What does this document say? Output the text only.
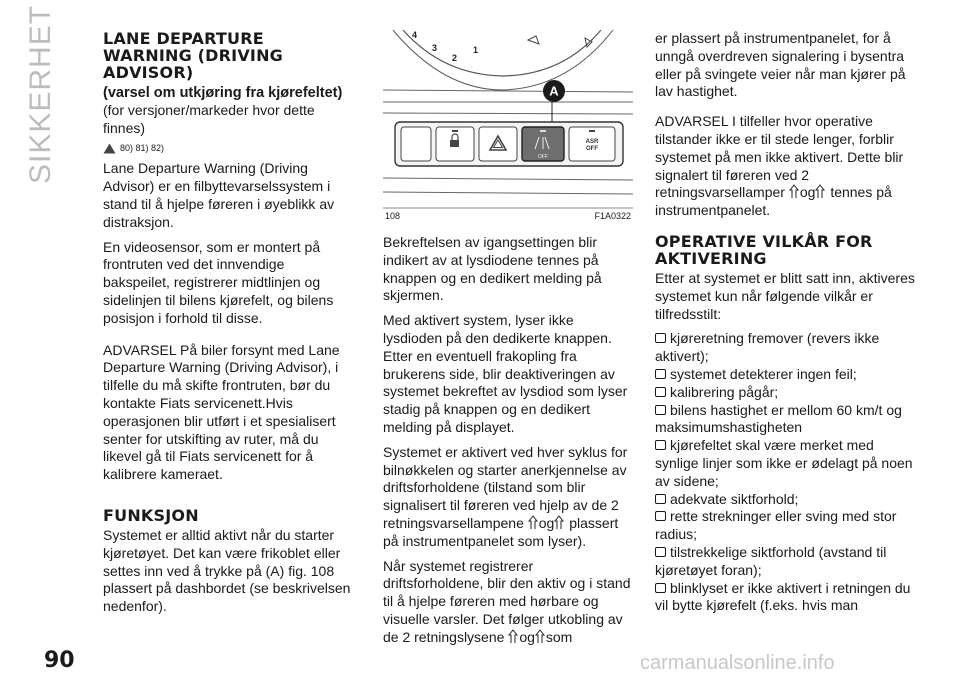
SIKKERHET	LANE DEPARTURE WARNING (DRIVING ADVISOR)
(varsel om utkjøring fra kjørefeltet)

(for versjoner/markeder hvor dette finnes)

80) 81) 82)

Lane Departure Warning (Driving Advisor) er en filbyttevarselssystem i stand til å hjelpe føreren i øyeblikk av distraksjon.

En videosensor, som er montert på frontruten ved det innvendige bakspeilet, registrerer midtlinjen og sidelinjen til bilens kjørefelt, og bilens posisjon i forhold til disse.

ADVARSEL På biler forsynt med Lane Departure Warning (Driving Advisor), i tilfelle du må skifte frontruten, bør du kontakte Fiats servicenett.Hvis operasjonen blir utført i et spesialisert senter for utskifting av ruter, må du likevel gå til Fiats servicenett for å kalibrere kameraet.

FUNKSJON

Systemet er alltid aktivt når du starter kjøretøyet. Det kan være frikoblet eller settes inn ved å trykke på (A) fig. 108 plassert på dashbordet (se beskrivelsen nedenfor).

4
3
2
1
A
OFF
ASR
OFF
108	F1A0322

Bekreftelsen av igangsettingen blir indikert av at lysdiodene tennes på knappen og en dedikert melding på skjermen.

Med aktivert system, lyser ikke lysdioden på den dedikerte knappen. Etter en eventuell frakopling fra brukerens side, blir deaktiveringen av systemet bekreftet av lysdiod som lyser stadig på knappen og en dedikert melding på displayet.

Systemet er aktivert ved hver syklus for bilnøkkelen og starter anerkjennelse av driftsforholdene (tilstand som blir signalisert til føreren ved hjelp av de 2 retningsvarsellampene og plassert på instrumentpanelet som lyser).

Når systemet registrerer driftsforholdene, blir den aktiv og i stand til å hjelpe føreren med hørbare og visuelle varsler. Det følger utkobling av de 2 retningslysene og som

er plassert på instrumentpanelet, for å unngå overdreven signalering i bysentra eller på svingete veier når man kjører på lav hastighet.

ADVARSEL I tilfeller hvor operative tilstander ikke er til stede lenger, forblir systemet på men ikke aktivert. Dette blir signalert til føreren ved 2 retningsvarsellamper og tennes på instrumentpanelet.

OPERATIVE VILKÅR FOR AKTIVERING

Etter at systemet er blitt satt inn, aktiveres systemet kun når følgende vilkår er tilfredsstilt:

kjøreretning fremover (revers ikke aktivert);
systemet detekterer ingen feil;
kalibrering pågår;
bilens hastighet er mellom 60 km/t og maksimumshastigheten
kjørefeltet skal være merket med synlige linjer som ikke er ødelagt på noen av sidene;
adekvate siktforhold;
rette strekninger eller sving med stor radius;
tilstrekkelige siktforhold (avstand til kjøretøyet foran);
blinklyset er ikke aktivert i retningen du vil bytte kjørefelt (f.eks. hvis man
90	carmanualsonline.info
